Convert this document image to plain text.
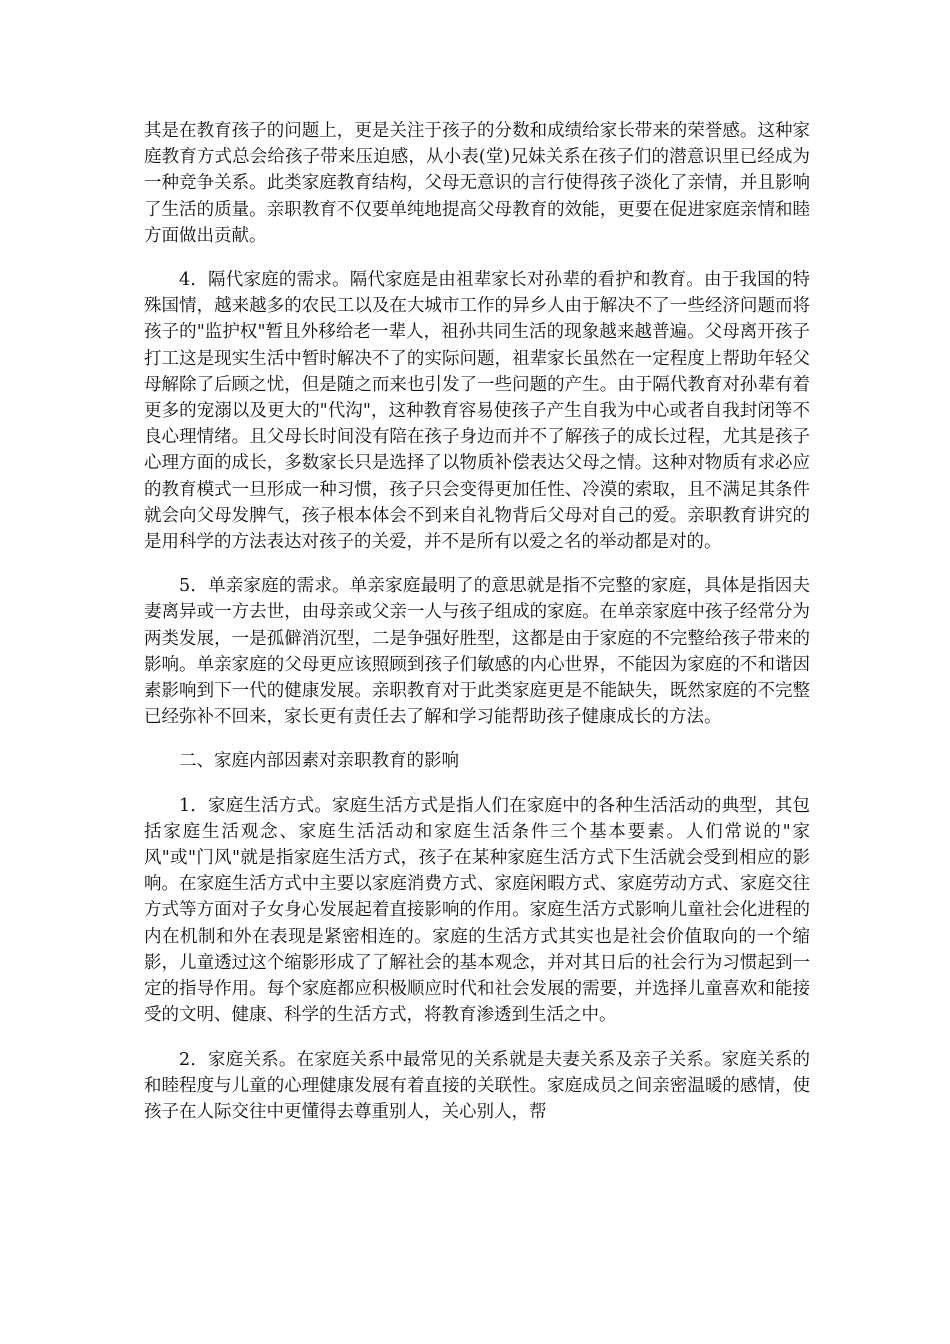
其是在教育孩子的问题上，更是关注于孩子的分数和成绩给家长带来的荣誉感。这种家庭教育方式总会给孩子带来压迫感，从小表(堂)兄妹关系在孩子们的潜意识里已经成为一种竞争关系。此类家庭教育结构，父母无意识的言行使得孩子淡化了亲情，并且影响了生活的质量。亲职教育不仅要单纯地提高父母教育的效能，更要在促进家庭亲情和睦方面做出贡献。

4．隔代家庭的需求。隔代家庭是由祖辈家长对孙辈的看护和教育。由于我国的特殊国情，越来越多的农民工以及在大城市工作的异乡人由于解决不了一些经济问题而将孩子的"监护权"暂且外移给老一辈人，祖孙共同生活的现象越来越普遍。父母离开孩子打工这是现实生活中暂时解决不了的实际问题，祖辈家长虽然在一定程度上帮助年轻父母解除了后顾之忧，但是随之而来也引发了一些问题的产生。由于隔代教育对孙辈有着更多的宠溺以及更大的"代沟"，这种教育容易使孩子产生自我为中心或者自我封闭等不良心理情绪。且父母长时间没有陪在孩子身边而并不了解孩子的成长过程，尤其是孩子心理方面的成长，多数家长只是选择了以物质补偿表达父母之情。这种对物质有求必应的教育模式一旦形成一种习惯，孩子只会变得更加任性、冷漠的索取，且不满足其条件就会向父母发脾气，孩子根本体会不到来自礼物背后父母对自己的爱。亲职教育讲究的是用科学的方法表达对孩子的关爱，并不是所有以爱之名的举动都是对的。

5．单亲家庭的需求。单亲家庭最明了的意思就是指不完整的家庭，具体是指因夫妻离异或一方去世，由母亲或父亲一人与孩子组成的家庭。在单亲家庭中孩子经常分为两类发展，一是孤僻消沉型，二是争强好胜型，这都是由于家庭的不完整给孩子带来的影响。单亲家庭的父母更应该照顾到孩子们敏感的内心世界，不能因为家庭的不和谐因素影响到下一代的健康发展。亲职教育对于此类家庭更是不能缺失，既然家庭的不完整已经弥补不回来，家长更有责任去了解和学习能帮助孩子健康成长的方法。

二、家庭内部因素对亲职教育的影响

1．家庭生活方式。家庭生活方式是指人们在家庭中的各种生活活动的典型，其包括家庭生活观念、家庭生活活动和家庭生活条件三个基本要素。人们常说的"家风"或"门风"就是指家庭生活方式，孩子在某种家庭生活方式下生活就会受到相应的影响。在家庭生活方式中主要以家庭消费方式、家庭闲暇方式、家庭劳动方式、家庭交往方式等方面对子女身心发展起着直接影响的作用。家庭生活方式影响儿童社会化进程的内在机制和外在表现是紧密相连的。家庭的生活方式其实也是社会价值取向的一个缩影，儿童透过这个缩影形成了了解社会的基本观念，并对其日后的社会行为习惯起到一定的指导作用。每个家庭都应积极顺应时代和社会发展的需要，并选择儿童喜欢和能接受的文明、健康、科学的生活方式，将教育渗透到生活之中。

2．家庭关系。在家庭关系中最常见的关系就是夫妻关系及亲子关系。家庭关系的和睦程度与儿童的心理健康发展有着直接的关联性。家庭成员之间亲密温暖的感情，使孩子在人际交往中更懂得去尊重别人，关心别人，帮
